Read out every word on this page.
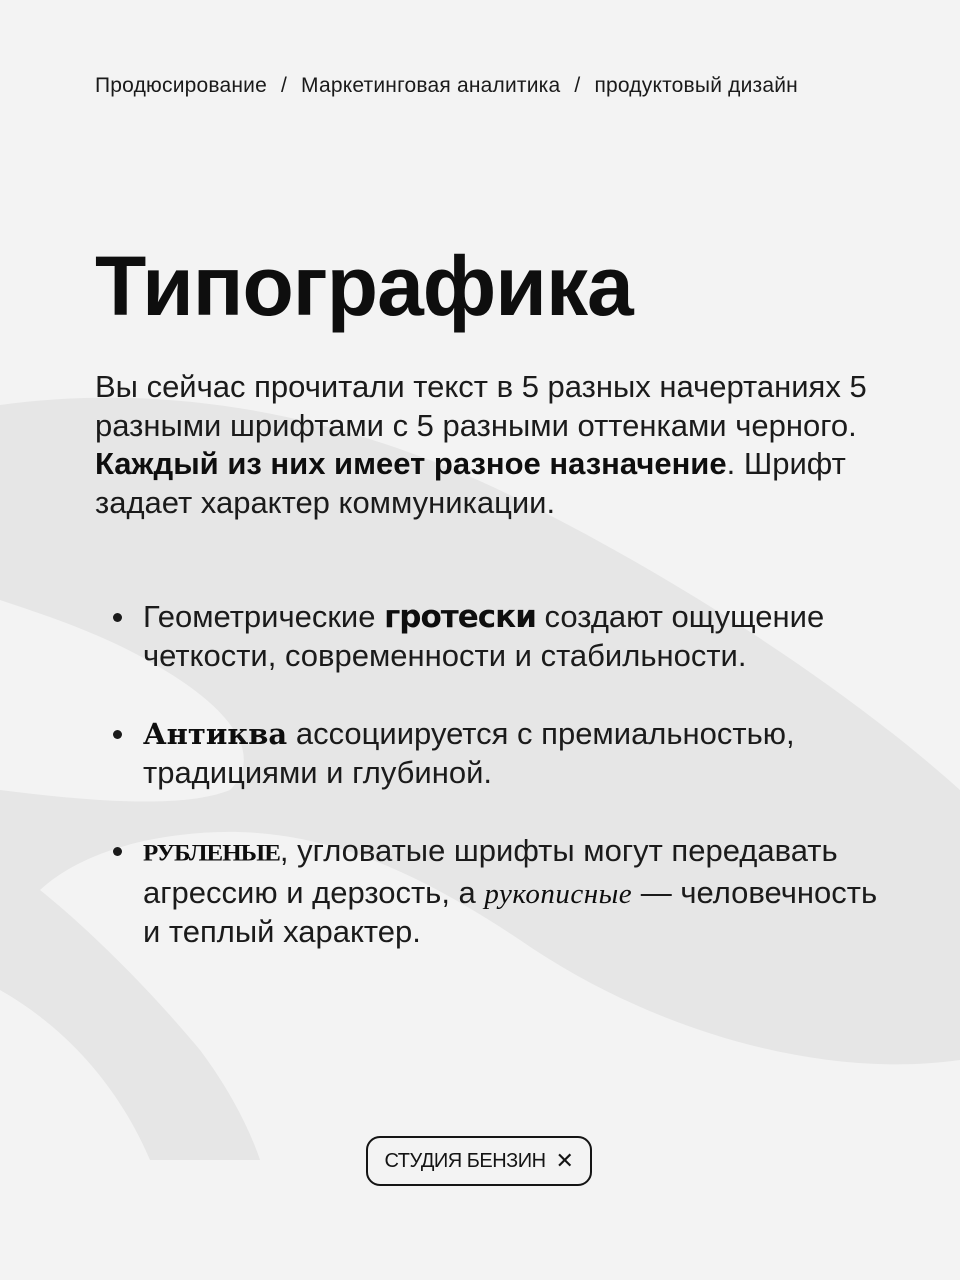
Продюсирование / Маркетинговая аналитика / продуктовый дизайн
Типографика

Вы сейчас прочитали текст в 5 разных начертаниях 5 разными шрифтами с 5 разными оттенками черного. Каждый из них имеет разное назначение. Шрифт задает характер коммуникации.

Геометрические гротески создают ощущение четкости, современности и стабильности.
Антиква ассоциируется с премиальностью, традициями и глубиной.
РУБЛЕНЫЕ, угловатые шрифты могут передавать агрессию и дерзость, а рукописные — человечность и теплый характер.
СТУДИЯ БЕНЗИН ✕
